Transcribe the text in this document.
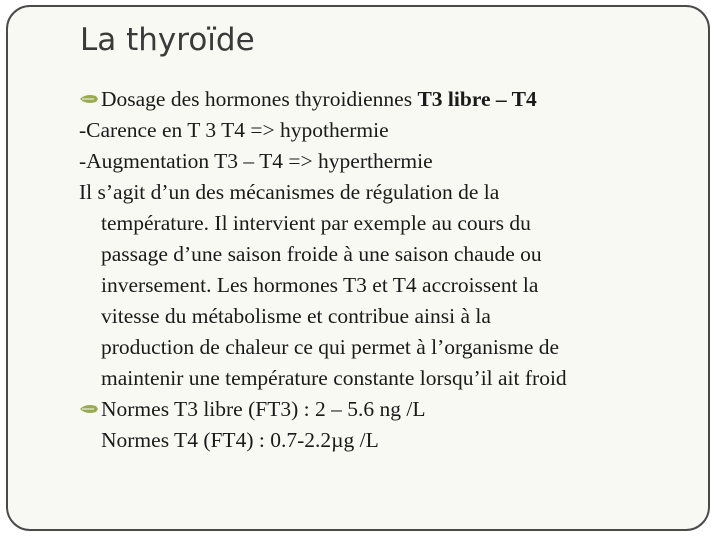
La thyroïde
Dosage des hormones thyroidiennes T3 libre – T4
-Carence en T 3 T4 => hypothermie
-Augmentation T3 – T4 => hyperthermie
Il s’agit d’un des mécanismes de régulation de la
température. Il intervient par exemple au cours du
passage d’une saison froide à une saison chaude ou
inversement. Les hormones T3 et T4 accroissent la
vitesse du métabolisme et contribue ainsi à la
production de chaleur ce qui permet à l’organisme de
maintenir une température constante lorsqu’il ait froid
Normes T3 libre (FT3) : 2 – 5.6 ng /L
Normes T4 (FT4) : 0.7-2.2µg /L
